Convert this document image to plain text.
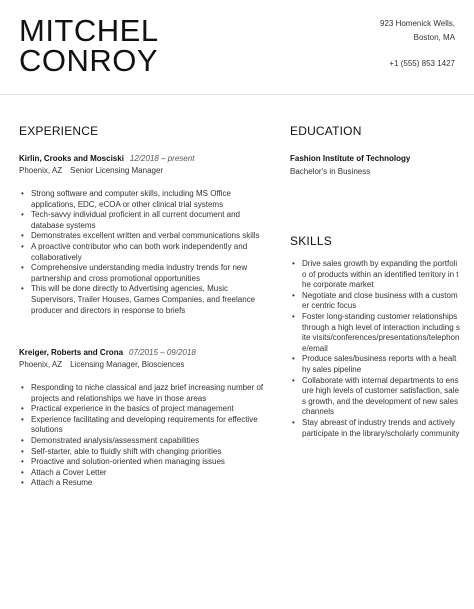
MITCHEL
CONROY
923 Homenick Wells,
Boston, MA
+1 (555) 853 1427
EXPERIENCE	EDUCATION
SKILLS
Kirlin, Crooks and Mosciski 12/2018 – present
Phoenix, AZ Senior Licensing Manager
• Strong software and computer skills, including MS Office applications, EDC, eCOA or other clinical trial systems
• Tech-savvy individual proficient in all current document and database systems
• Demonstrates excellent written and verbal communications skills
• A proactive contributor who can both work independently and collaboratively
• Comprehensive understanding media industry trends for new partnership and cross promotional opportunities
• This will be done directly to Advertising agencies, Music Supervisors, Trailer Houses, Games Companies, and freelance producer and directors in response to briefs
Kreiger, Roberts and Crona 07/2015 – 09/2018
Phoenix, AZ Licensing Manager, Biosciences
• Responding to niche classical and jazz brief increasing number of projects and relationships we have in those areas
• Practical experience in the basics of project management
• Experience facilitating and developing requirements for effective solutions
• Demonstrated analysis/assessment capabilities
• Self-starter, able to fluidly shift with changing priorities
• Proactive and solution-oriented when managing issues
• Attach a Cover Letter
• Attach a Resume
Fashion Institute of Technology
Bachelor's in Business
• Drive sales growth by expanding the portfolio of products within an identified territory in the corporate market
• Negotiate and close business with a customer centric focus
• Foster long-standing customer relationships through a high level of interaction including site visits/conferences/presentations/telephone/email
• Produce sales/business reports with a healthy sales pipeline
• Collaborate with internal departments to ensure high levels of customer satisfaction, sales growth, and the development of new sales channels
• Stay abreast of industry trends and actively participate in the library/scholarly community
